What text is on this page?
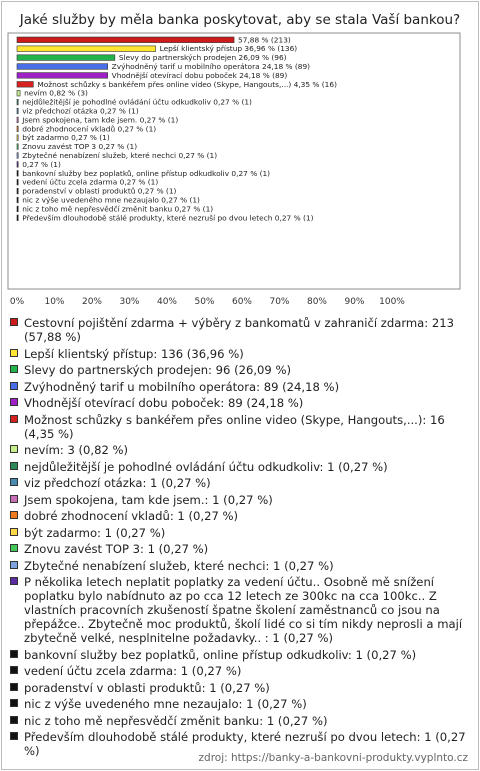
Jaké služby by měla banka poskytovat, aby se stala Vaší bankou?
57,88 % (213)
Lepší klientský přístup 36,96 % (136)
Slevy do partnerských prodejen 26,09 % (96)
Zvýhodněný tarif u mobilního operátora 24,18 % (89)
Vhodnější otevírací dobu poboček 24,18 % (89)
Možnost schůzky s bankéřem přes online video (Skype, Hangouts,...) 4,35 % (16)
nevím 0,82 % (3)
nejdůležitější je pohodlné ovládání účtu odkudkoliv 0,27 % (1)
viz předchozí otázka 0,27 % (1)
Jsem spokojena, tam kde jsem. 0,27 % (1)
dobré zhodnocení vkladů 0,27 % (1)
být zadarmo 0,27 % (1)
Znovu zavést TOP 3 0,27 % (1)
Zbytečné nenabízení služeb, které nechci 0,27 % (1)
0,27 % (1)
bankovní služby bez poplatků, online přístup odkudkoliv 0,27 % (1)
vedení účtu zcela zdarma 0,27 % (1)
poradenství v oblasti produktů 0,27 % (1)
nic z výše uvedeného mne nezaujalo 0,27 % (1)
nic z toho mě nepřesvědčí změnit banku 0,27 % (1)
Především dlouhodobě stálé produkty, které nezruší po dvou letech 0,27 % (1)
0% 10% 20% 30% 40% 50% 60% 70% 80% 90% 100%
Cestovní pojištění zdarma + výběry z bankomatů v zahraničí zdarma: 213 (57,88 %)
Lepší klientský přístup: 136 (36,96 %)
Slevy do partnerských prodejen: 96 (26,09 %)
Zvýhodněný tarif u mobilního operátora: 89 (24,18 %)
Vhodnější otevírací dobu poboček: 89 (24,18 %)
Možnost schůzky s bankéřem přes online video (Skype, Hangouts,...): 16 (4,35 %)
nevím: 3 (0,82 %)
nejdůležitější je pohodlné ovládání účtu odkudkoliv: 1 (0,27 %)
viz předchozí otázka: 1 (0,27 %)
Jsem spokojena, tam kde jsem.: 1 (0,27 %)
dobré zhodnocení vkladů: 1 (0,27 %)
být zadarmo: 1 (0,27 %)
Znovu zavést TOP 3: 1 (0,27 %)
Zbytečné nenabízení služeb, které nechci: 1 (0,27 %)
P několika letech neplatit poplatky za vedení účtu.. Osobně mě snížení poplatku bylo nabídnuto az po cca 12 letech ze 300kc na cca 100kc.. Z vlastních pracovních zkušeností špatne školení zaměstnanců co jsou na přepážce.. Zbytečně moc produktů, školí lidé co si tím nikdy neprosli a mají zbytečně velké, nesplnitelne požadavky.. : 1 (0,27 %)
bankovní služby bez poplatků, online přístup odkudkoliv: 1 (0,27 %)
vedení účtu zcela zdarma: 1 (0,27 %)
poradenství v oblasti produktů: 1 (0,27 %)
nic z výše uvedeného mne nezaujalo: 1 (0,27 %)
nic z toho mě nepřesvědčí změnit banku: 1 (0,27 %)
Především dlouhodobě stálé produkty, které nezruší po dvou letech: 1 (0,27 %)	zdroj: https://banky-a-bankovni-produkty.vyplnto.cz
